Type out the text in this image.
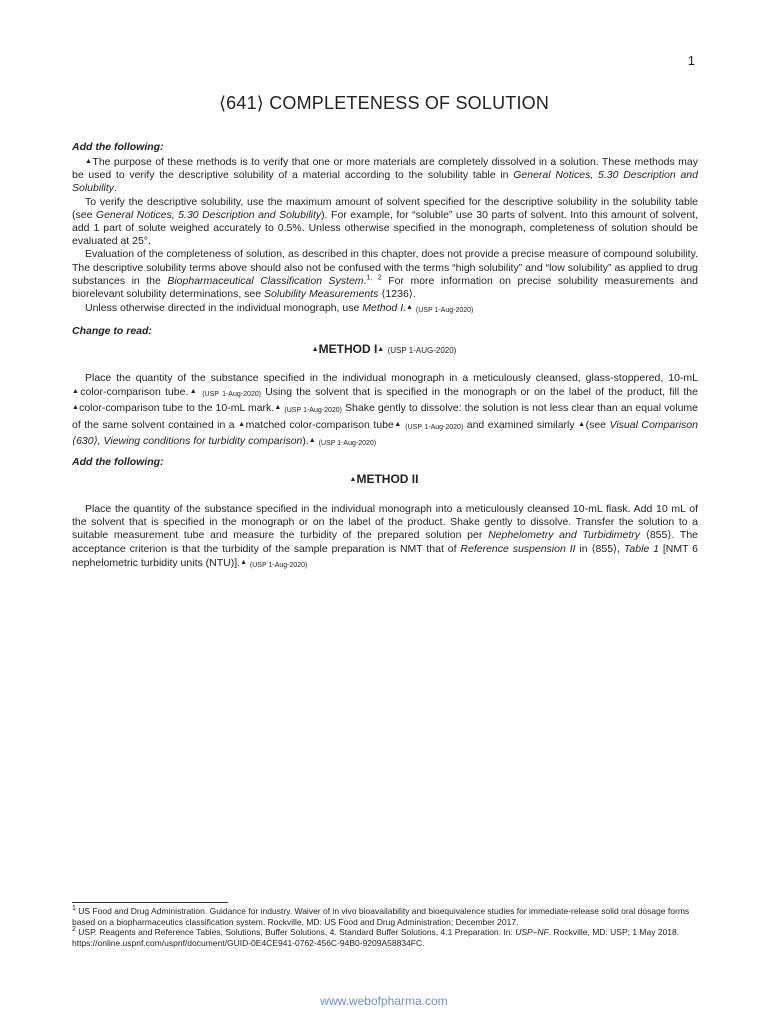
1
⟨641⟩ COMPLETENESS OF SOLUTION
Add the following:

▲The purpose of these methods is to verify that one or more materials are completely dissolved in a solution. These methods may be used to verify the descriptive solubility of a material according to the solubility table in General Notices, 5.30 Description and Solubility.

To verify the descriptive solubility, use the maximum amount of solvent specified for the descriptive solubility in the solubility table (see General Notices, 5.30 Description and Solubility). For example, for “soluble” use 30 parts of solvent. Into this amount of solvent, add 1 part of solute weighed accurately to 0.5%. Unless otherwise specified in the monograph, completeness of solution should be evaluated at 25°.

Evaluation of the completeness of solution, as described in this chapter, does not provide a precise measure of compound solubility. The descriptive solubility terms above should also not be confused with the terms “high solubility” and “low solubility” as applied to drug substances in the Biopharmaceutical Classification System.$^{1, 2}$ For more information on precise solubility measurements and biorelevant solubility determinations, see Solubility Measurements ⟨1236⟩.

Unless otherwise directed in the individual monograph, use Method I.▲ (USP 1-Aug-2020)

Change to read:
▲METHOD I▲ (USP 1-AUG-2020)

Place the quantity of the substance specified in the individual monograph in a meticulously cleansed, glass-stoppered, 10-mL ▲color-comparison tube.▲ (USP 1-Aug-2020) Using the solvent that is specified in the monograph or on the label of the product, fill the ▲color-comparison tube to the 10-mL mark.▲ (USP 1-Aug-2020) Shake gently to dissolve: the solution is not less clear than an equal volume of the same solvent contained in a ▲matched color-comparison tube▲ (USP 1-Aug-2020) and examined similarly ▲(see Visual Comparison ⟨630⟩, Viewing conditions for turbidity comparison).▲ (USP 1-Aug-2020)

Add the following:
▲METHOD II

Place the quantity of the substance specified in the individual monograph into a meticulously cleansed 10-mL flask. Add 10 mL of the solvent that is specified in the monograph or on the label of the product. Shake gently to dissolve. Transfer the solution to a suitable measurement tube and measure the turbidity of the prepared solution per Nephelometry and Turbidimetry ⟨855⟩. The acceptance criterion is that the turbidity of the sample preparation is NMT that of Reference suspension II in ⟨855⟩, Table 1 [NMT 6 nephelometric turbidity units (NTU)].▲ (USP 1-Aug-2020)

$^1$ US Food and Drug Administration. Guidance for industry. Waiver of in vivo bioavailability and bioequivalence studies for immediate-release solid oral dosage forms based on a biopharmaceutics classification system. Rockville, MD: US Food and Drug Administration; December 2017.
$^2$ USP. Reagents and Reference Tables, Solutions, Buffer Solutions, 4. Standard Buffer Solutions, 4.1 Preparation. In: USP–NF. Rockville, MD: USP; 1 May 2018. https://online.uspnf.com/uspnf/document/GUID-0E4CE941-0762-456C-94B0-9209A58834FC.
www.webofpharma.com
